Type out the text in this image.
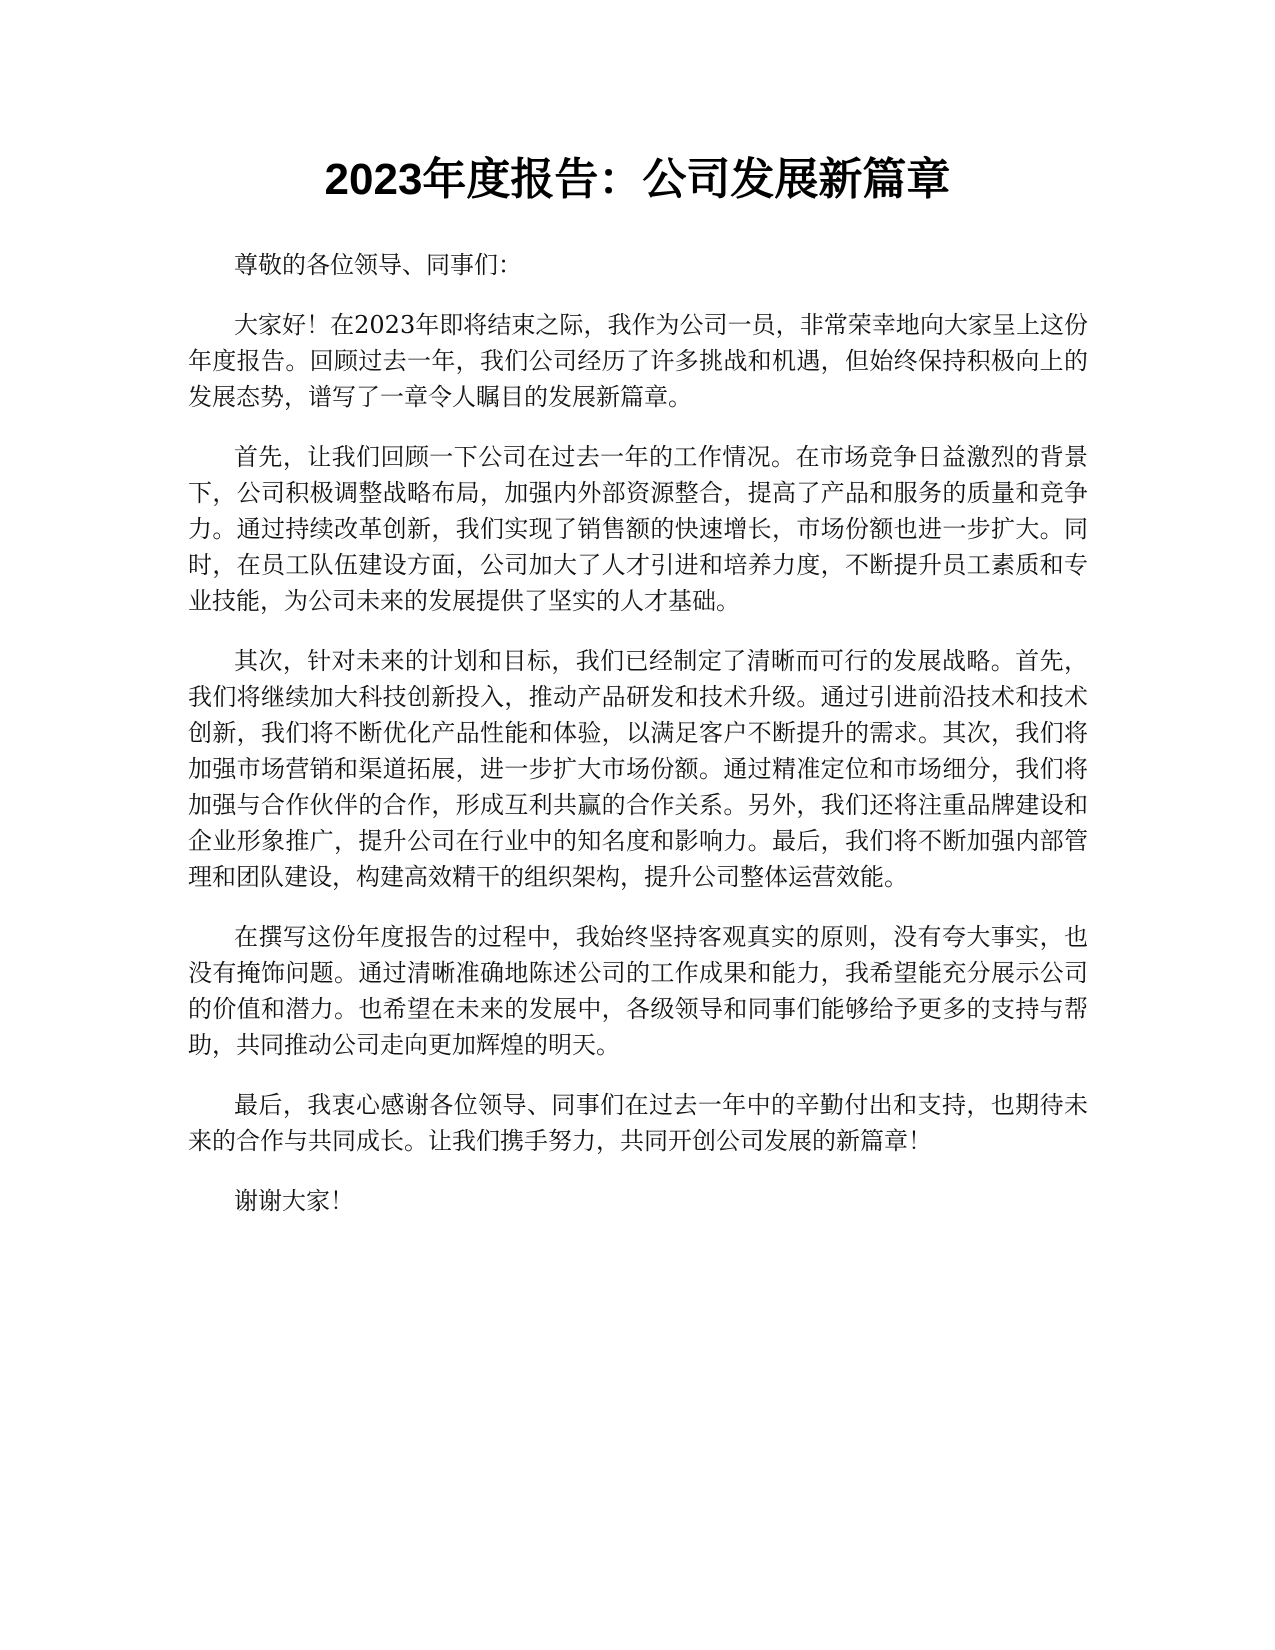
2023年度报告：公司发展新篇章

尊敬的各位领导、同事们：

大家好！在2023年即将结束之际，我作为公司一员，非常荣幸地向大家呈上这份年度报告。回顾过去一年，我们公司经历了许多挑战和机遇，但始终保持积极向上的发展态势，谱写了一章令人瞩目的发展新篇章。

首先，让我们回顾一下公司在过去一年的工作情况。在市场竞争日益激烈的背景下，公司积极调整战略布局，加强内外部资源整合，提高了产品和服务的质量和竞争力。通过持续改革创新，我们实现了销售额的快速增长，市场份额也进一步扩大。同时，在员工队伍建设方面，公司加大了人才引进和培养力度，不断提升员工素质和专业技能，为公司未来的发展提供了坚实的人才基础。

其次，针对未来的计划和目标，我们已经制定了清晰而可行的发展战略。首先，我们将继续加大科技创新投入，推动产品研发和技术升级。通过引进前沿技术和技术创新，我们将不断优化产品性能和体验，以满足客户不断提升的需求。其次，我们将加强市场营销和渠道拓展，进一步扩大市场份额。通过精准定位和市场细分，我们将加强与合作伙伴的合作，形成互利共赢的合作关系。另外，我们还将注重品牌建设和企业形象推广，提升公司在行业中的知名度和影响力。最后，我们将不断加强内部管理和团队建设，构建高效精干的组织架构，提升公司整体运营效能。

在撰写这份年度报告的过程中，我始终坚持客观真实的原则，没有夸大事实，也没有掩饰问题。通过清晰准确地陈述公司的工作成果和能力，我希望能充分展示公司的价值和潜力。也希望在未来的发展中，各级领导和同事们能够给予更多的支持与帮助，共同推动公司走向更加辉煌的明天。

最后，我衷心感谢各位领导、同事们在过去一年中的辛勤付出和支持，也期待未来的合作与共同成长。让我们携手努力，共同开创公司发展的新篇章！

谢谢大家！
